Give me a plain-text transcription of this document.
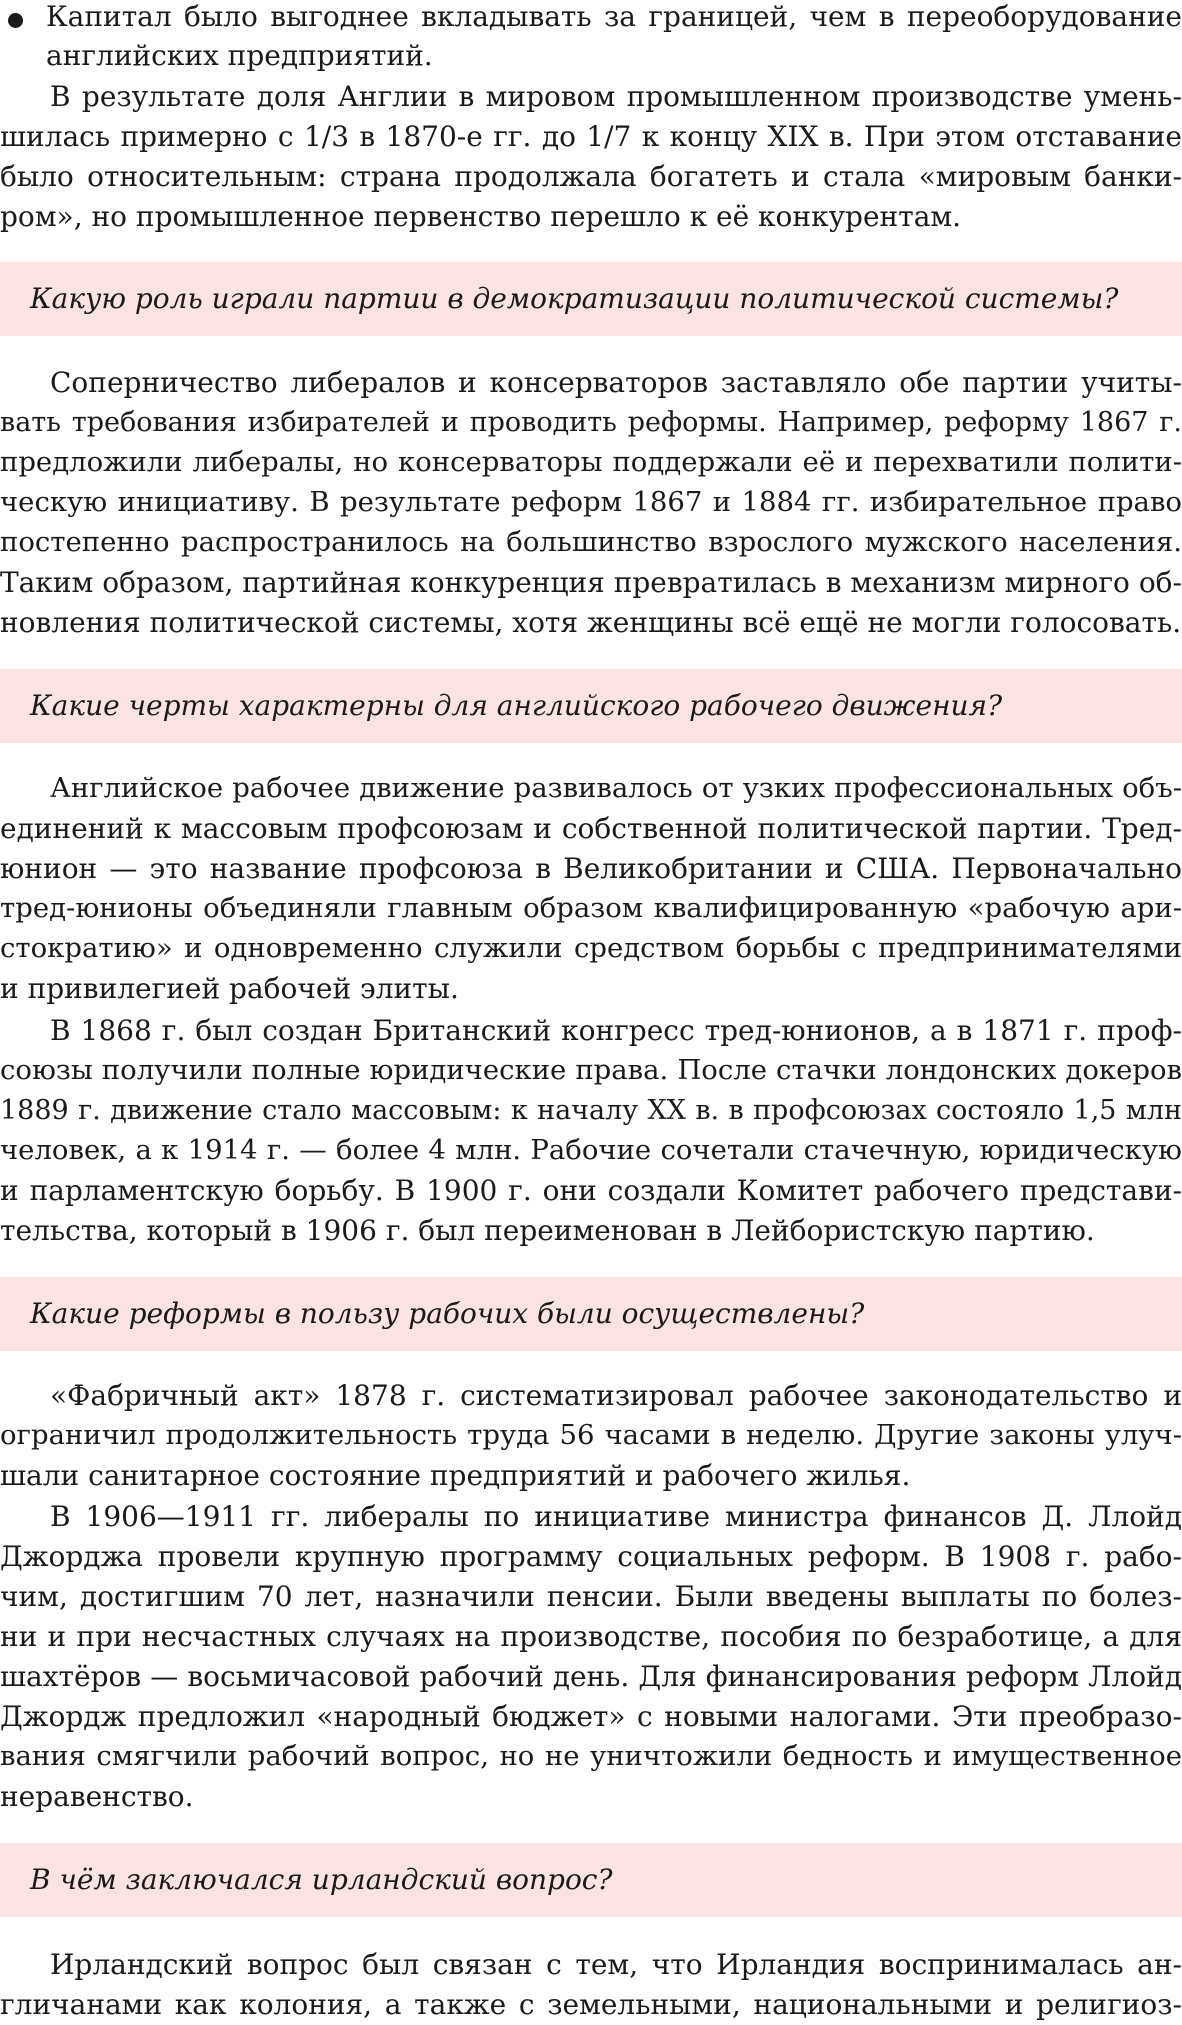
Капитал было выгоднее вкладывать за границей, чем в переоборудование
английских предприятий.
В результате доля Англии в мировом промышленном производстве умень-
шилась примерно с 1/3 в 1870-е гг. до 1/7 к концу XIX в. При этом отставание
было относительным: страна продолжала богатеть и стала «мировым банки-
ром», но промышленное первенство перешло к её конкурентам.
Какую роль играли партии в демократизации политической системы?
Соперничество либералов и консерваторов заставляло обе партии учиты-
вать требования избирателей и проводить реформы. Например, реформу 1867 г.
предложили либералы, но консерваторы поддержали её и перехватили полити-
ческую инициативу. В результате реформ 1867 и 1884 гг. избирательное право
постепенно распространилось на большинство взрослого мужского населения.
Таким образом, партийная конкуренция превратилась в механизм мирного об-
новления политической системы, хотя женщины всё ещё не могли голосовать.
Какие черты характерны для английского рабочего движения?
Английское рабочее движение развивалось от узких профессиональных объ-
единений к массовым профсоюзам и собственной политической партии. Тред-
юнион — это название профсоюза в Великобритании и США. Первоначально
тред-юнионы объединяли главным образом квалифицированную «рабочую ари-
стократию» и одновременно служили средством борьбы с предпринимателями
и привилегией рабочей элиты.
В 1868 г. был создан Британский конгресс тред-юнионов, а в 1871 г. проф-
союзы получили полные юридические права. После стачки лондонских докеров
1889 г. движение стало массовым: к началу XX в. в профсоюзах состояло 1,5 млн
человек, а к 1914 г. — более 4 млн. Рабочие сочетали стачечную, юридическую
и парламентскую борьбу. В 1900 г. они создали Комитет рабочего представи-
тельства, который в 1906 г. был переименован в Лейбористскую партию.
Какие реформы в пользу рабочих были осуществлены?
«Фабричный акт» 1878 г. систематизировал рабочее законодательство и
ограничил продолжительность труда 56 часами в неделю. Другие законы улуч-
шали санитарное состояние предприятий и рабочего жилья.
В 1906—1911 гг. либералы по инициативе министра финансов Д. Ллойд
Джорджа провели крупную программу социальных реформ. В 1908 г. рабо-
чим, достигшим 70 лет, назначили пенсии. Были введены выплаты по болез-
ни и при несчастных случаях на производстве, пособия по безработице, а для
шахтёров — восьмичасовой рабочий день. Для финансирования реформ Ллойд
Джордж предложил «народный бюджет» с новыми налогами. Эти преобразо-
вания смягчили рабочий вопрос, но не уничтожили бедность и имущественное
неравенство.
В чём заключался ирландский вопрос?
Ирландский вопрос был связан с тем, что Ирландия воспринималась ан-
гличанами как колония, а также с земельными, национальными и религиоз-
